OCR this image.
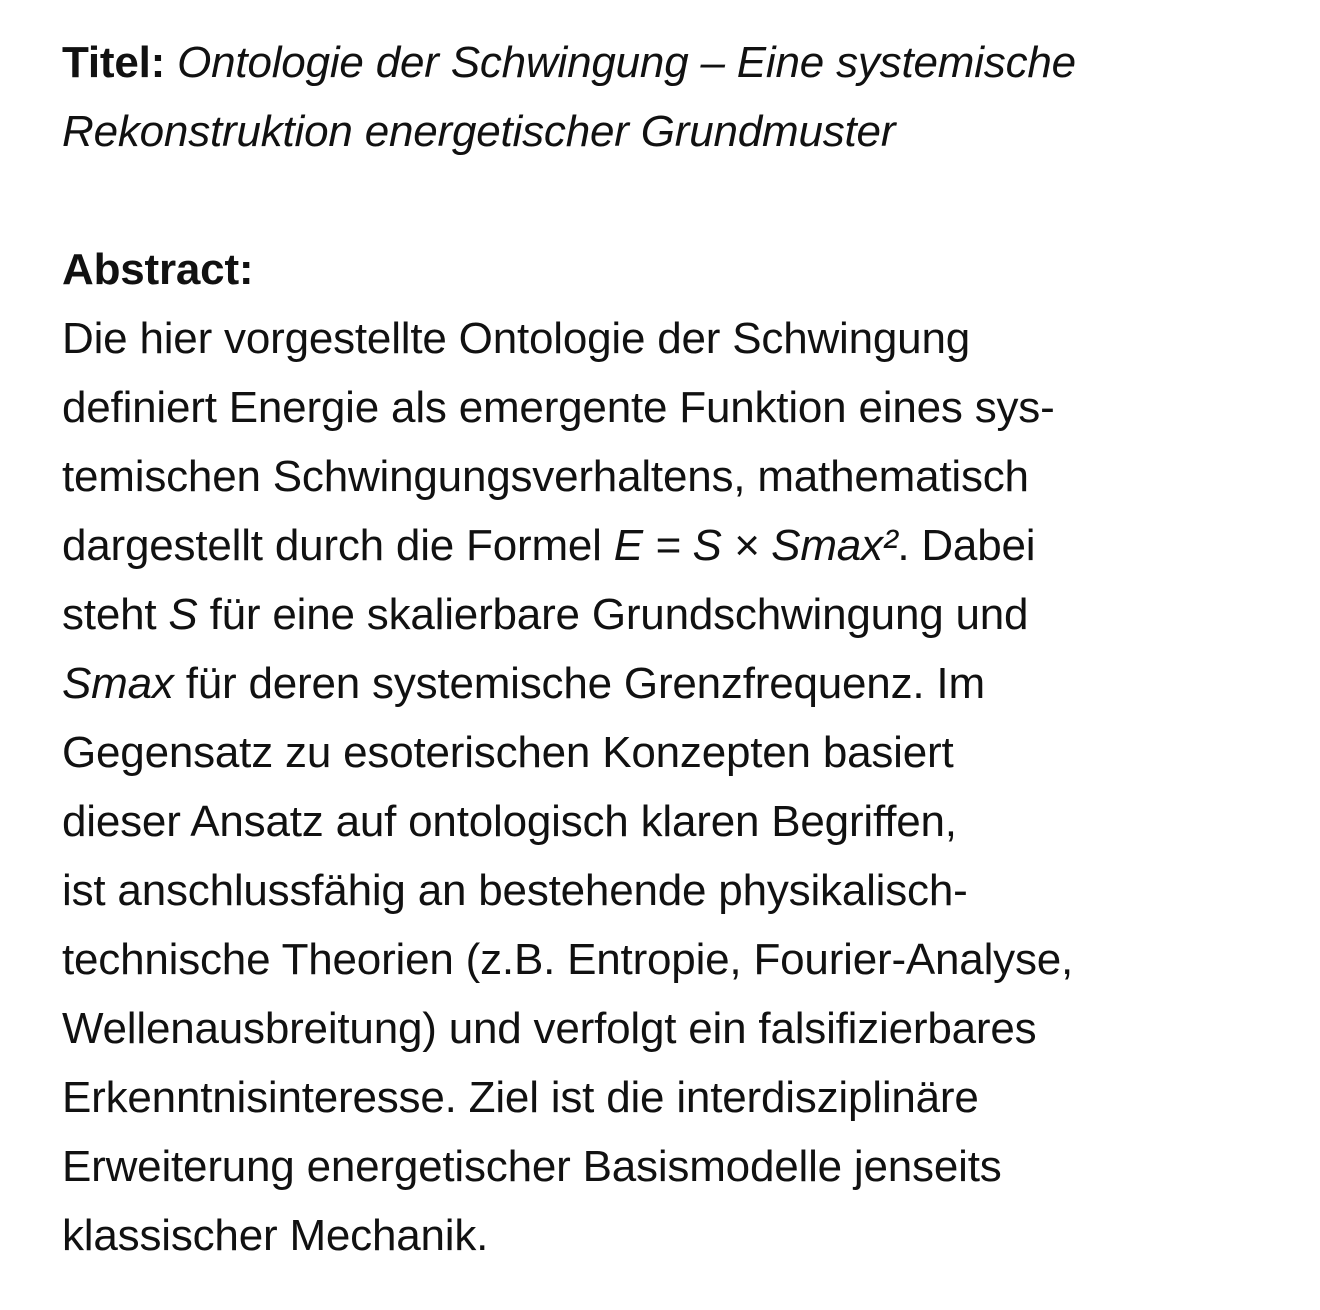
Titel: Ontologie der Schwingung – Eine systemische
Rekonstruktion energetischer Grundmuster
Abstract:
Die hier vorgestellte Ontologie der Schwingung
definiert Energie als emergente Funktion eines sys-
temischen Schwingungsverhaltens, mathematisch
dargestellt durch die Formel E = S × Smax². Dabei
steht S für eine skalierbare Grundschwingung und
Smax für deren systemische Grenzfrequenz. Im
Gegensatz zu esoterischen Konzepten basiert
dieser Ansatz auf ontologisch klaren Begriffen,
ist anschlussfähig an bestehende physikalisch-
technische Theorien (z.B. Entropie, Fourier-Analyse,
Wellenausbreitung) und verfolgt ein falsifizierbares
Erkenntnisinteresse. Ziel ist die interdisziplinäre
Erweiterung energetischer Basismodelle jenseits
klassischer Mechanik.
